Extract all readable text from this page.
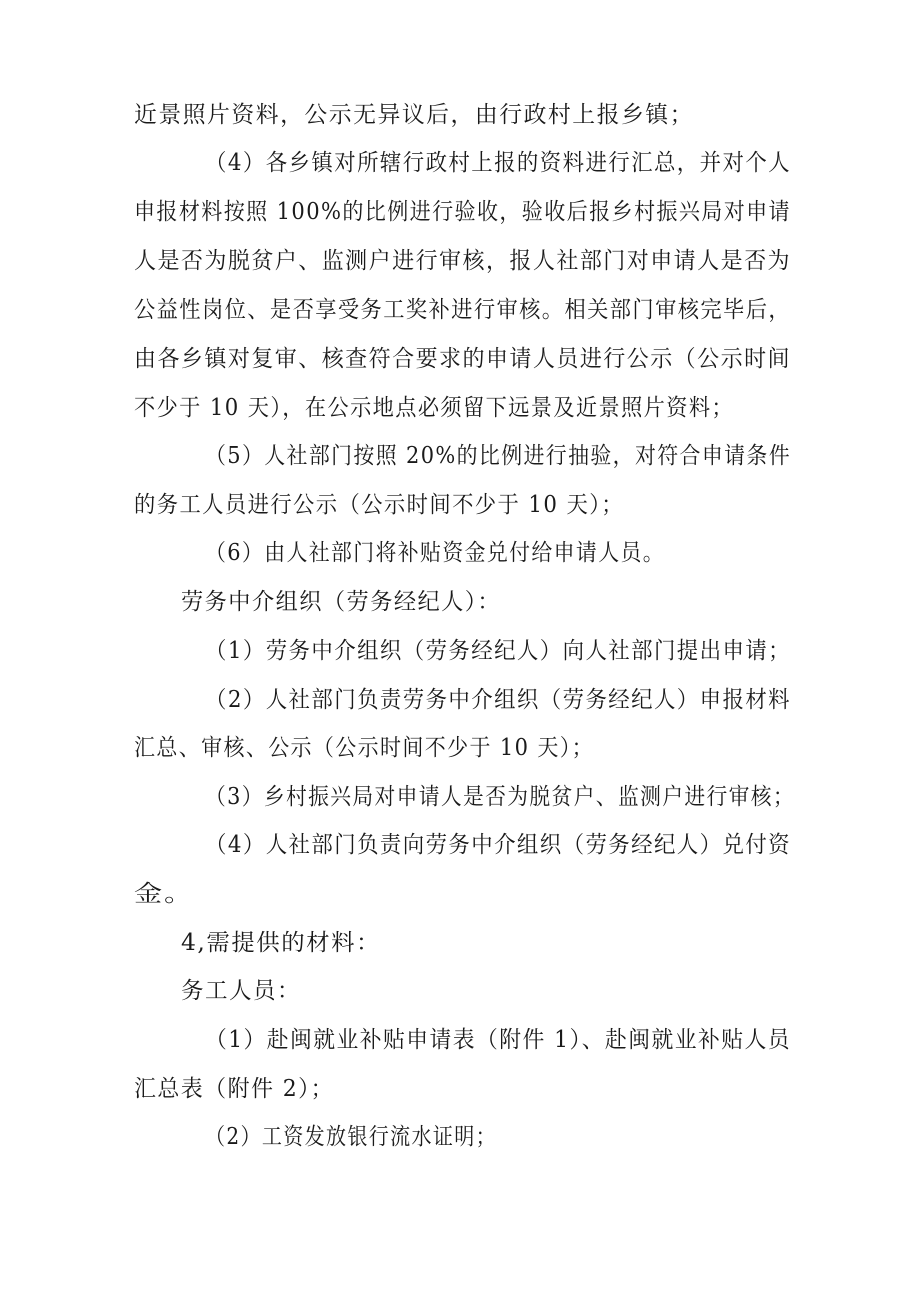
近景照片资料，公示无异议后，由行政村上报乡镇；
（4）各乡镇对所辖行政村上报的资料进行汇总，并对个人
申报材料按照 100%的比例进行验收，验收后报乡村振兴局对申请
人是否为脱贫户、监测户进行审核，报人社部门对申请人是否为
公益性岗位、是否享受务工奖补进行审核。相关部门审核完毕后，
由各乡镇对复审、核查符合要求的申请人员进行公示（公示时间
不少于 10 天），在公示地点必须留下远景及近景照片资料；
（5）人社部门按照 20%的比例进行抽验，对符合申请条件
的务工人员进行公示（公示时间不少于 10 天）；
（6）由人社部门将补贴资金兑付给申请人员。
劳务中介组织（劳务经纪人）：
（1）劳务中介组织（劳务经纪人）向人社部门提出申请；
（2）人社部门负责劳务中介组织（劳务经纪人）申报材料
汇总、审核、公示（公示时间不少于 10 天）；
（3）乡村振兴局对申请人是否为脱贫户、监测户进行审核；
（4）人社部门负责向劳务中介组织（劳务经纪人）兑付资
金。
4,需提供的材料：
务工人员：
（1）赴闽就业补贴申请表（附件 1）、赴闽就业补贴人员
汇总表（附件 2）；
（2）工资发放银行流水证明；
